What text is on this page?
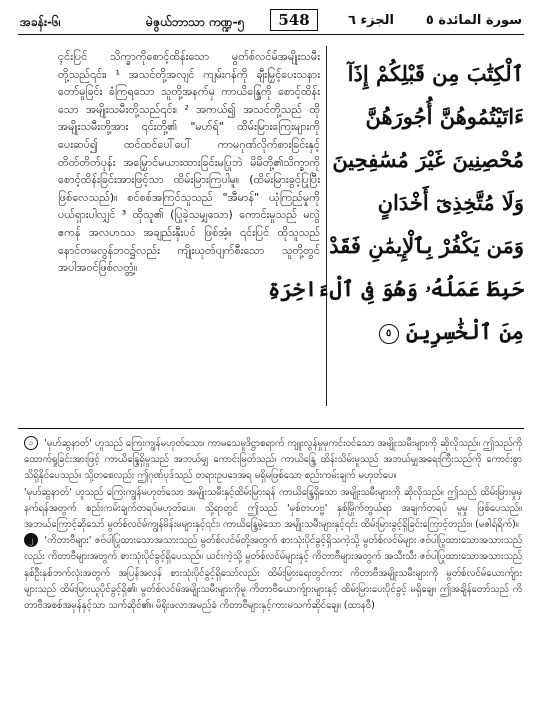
အခန်း-၆၊	မဲဇွယ်ဘာသာ ကဏ္ဍ-၅	548	الجزء ٦ سورة المائدة ٥

ၚင်းပြင် သိက္ခာကိုစောင့်ထိန်းသော မွတ်စ်လင်မ်အမျိုးသမီးတို့သည်၎င်း၊ ¹ အသင်တို့အလျင် ကျမ်းဂန်ကို ချီးမြှင့်ပေးသနားတော်မူခြင်း ခံကြရသော သူတို့အနက်မှ ကာယိန္ဒြေကို စောင့်ထိန်းသော အမျိုးသမီးတို့သည်၎င်း၊ ² အကယ်၍ အသင်တို့သည် ထိုအမျိုးသမီးတို့အား ၎င်းတို့၏ "မဟ်ရ်" ထိမ်းမြားကြေးများကိုပေးဆပ်၍ ထင်ထင်ပေါ်ပေါ် ကာမဂုဏ်လိုက်စားခြင်းနှင့် တိတ်တိတ်ပုန်း အမြှောင်မယားထားခြင်းမပြုဘဲ မိမိတို့၏သိက္ခာကို စောင့်ထိန်းခြင်းအားဖြင့်သာ ထိမ်းမြားကြပါမူ။ (ထိမ်းမြားခွင့်ပြုပြီးဖြစ်လေသည်)။ စင်စစ်အကြင်သူသည် "အီမာန်" ယုံကြည်မှုကို ပယ်ရှားပါလျှင် ³ ထိုသူ၏ (ပြုခဲ့သမျှသော) ကောင်းမှုသည် မလွဲဧကန် အလဟဿ အချည်းနှီးပင် ဖြစ်အံ့။ ၎င်းပြင် ထိုသူသည် နောင်တမလွန်ဘဝ၌လည်း ကျိုးယုတ်ပျက်စီးသော သူတို့တွင် အပါအဝင်ဖြစ်လတ္တံ့။

ٱلْكِتَٰبَ مِن قَبْلِكُمْ إِذَآ
ءَاتَيْتُمُوهُنَّ أُجُورَهُنَّ
مُحْصِنِينَ غَيْرَ مُسَٰفِحِينَ
وَلَا مُتَّخِذِىٓ أَخْدَانٍ
وَمَن يَكْفُرْ بِٱلْإِيمَٰنِ فَقَدْ
حَبِطَ عَمَلُهُۥ وَهُوَ فِى ٱلْءَاخِرَةِ
مِنَ ٱلْخَٰسِرِينَ ٥

၁ 'မုဟ်ဆွနာတ်' ဟူသည် ကြေးကျွန်မဟုတ်သော၊ ကာမသေမှုဒိဋ္ဌာစရာက် ကျူးလွန်မှုမှကင်းဝင်သော အမျိုးသမီးများကို ဆိုလိုသည်။ ဤသည်ကို ထောက်ရှုခြင်းအားဖြင့် ကာယိန္ဒြေရှိမှုသည် အဘယ်မျှ ကောင်းမြတ်သည်၊ ကာယိန္ဒြေ ထိန်းသိမ်းမှုသည် အဘယ်မျှအရေးကြီးသည်ကို ကောင်းစွာ သိရှိနိုင်ပေသည်။ သို့တစေလည်း ဤဂုဏ်ပုဒ်သည် တရားဥပဒေအရ မရှိမဖြစ်သော စည်းကမ်းချက် မဟုတ်ပေ။

'မုဟ်ဆွနာတ်' ဟူသည် ကြေးကျွန်မဟုတ်သော အမျိုးသမီးနှင့်ထိမ်းမြားရန် ကာယိန္ဒြေရှိသော အမျိုးသမီးများကို ဆိုလိုသည်။ ဤသည် ထိမ်းမြားမှုမှနက်ရန်အတွက် စည်းကမ်းချက်တရပ်မဟုတ်ပေ။ သို့ရာတွင် ဤသည် 'မှစ်တဟဗ္ဗ' နှစ်မြိုက်ဘွယ်ရာ အချက်တရပ် မူမှု ဖြစ်ပေသည်။ အဘယ်ကြောင့်ဆိုသော် မွတ်စ်လင်မ်ကျွန်မိန်းမများနှင့်၎င်း၊ ကာယိန္ဒြေမဲ့သော အမျိုးသမီးများနှင့်၎င်း ထိမ်းမြားခွင့်ရှိခြင်းကြောင့်တည်း။ (မဇါရ်ရိက်)။

၂ 'ကိတာဗီများ' ဇဗ်ပါပြုထားသောအသားသည် မွတ်စ်လင်မ်တို့အတွက် စားသုံးပိုင်ခွင့်ရှိသကဲ့သို့ မွတ်စ်လင်မ်များ ဇဗ်ပါပြုထားသောအသားသည်လည်း ကိတာဗီများအတွက် စားသုံးပိုင်ခွင့်ရှိပေသည်။ ယင်းကဲ့သို့ မွတ်စ်လင်မ်များနှင့် ကိတာဗီများအတွက် အသီးသီး ဇဗ်ပါပြုထားသောအသားသည် နှစ်ဦးနှစ်ဘက်လုံးအတွက် အပြန်အလှန် စားသုံးပိုင်ခွင့်ရှိသော်လည်း ထိမ်းမြားရေးတွင်ကား ကိတာဗီအမျိုးသမီးများကို မွတ်စ်လင်မ်ယောက်ျားများသည် ထိမ်းမြားယူပိုင်ခွင့်ရှိ၏၊ မွတ်စ်လင်မ်အမျိုးသမီးများကိုမူ ကိတာဗီယောက်ျားများနှင့် ထိမ်းမြားပေးပိုင်ခွင့် မရှိချေ။ ဤအချိန်တော်သည် ကိတာဗီအစစ်အမှန်နှင့်သာ သက်ဆိုင်၏။ မိရိုးဖလာအမည်ခံ ကိတာဗီများနှင့်ကားမသက်ဆိုင်ချေ။ (ထာနဝီ)
